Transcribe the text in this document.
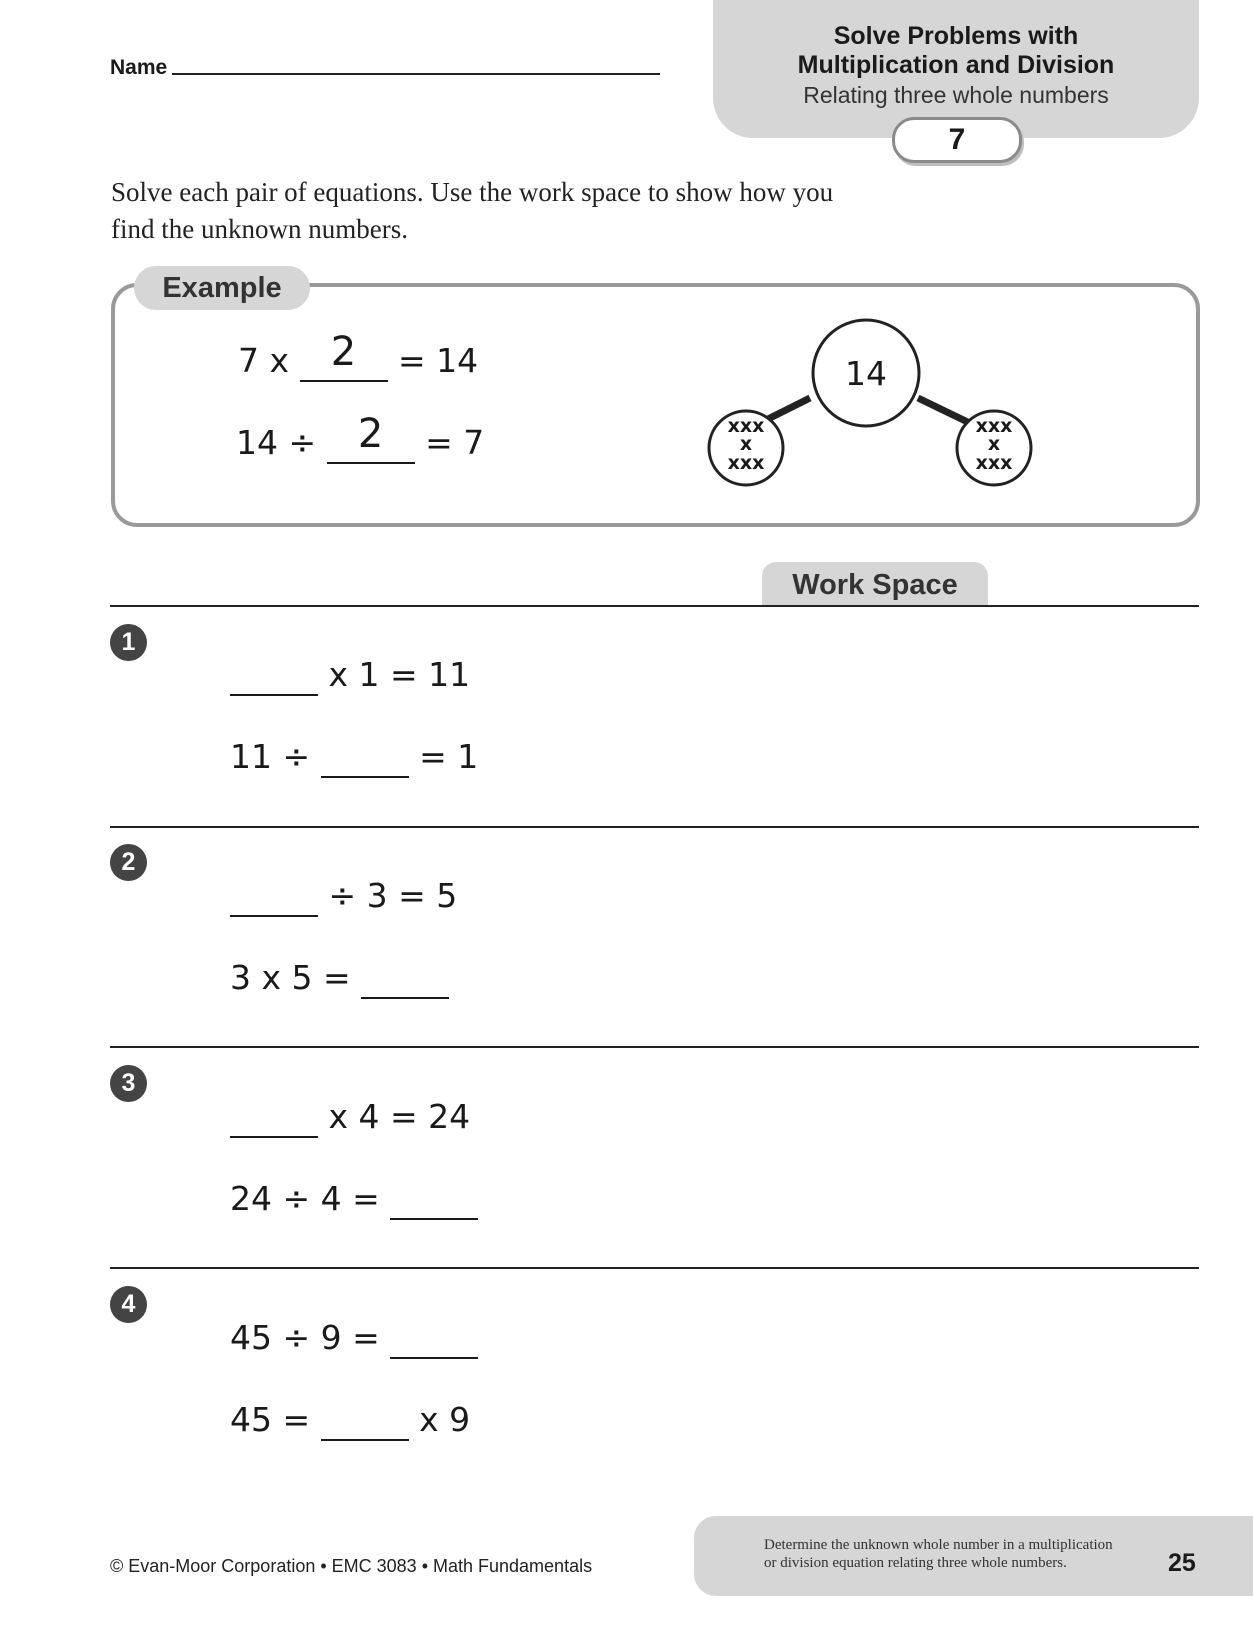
Name
Solve Problems with
Multiplication and Division
Relating three whole numbers
7
Solve each pair of equations. Use the work space to show how you
find the unknown numbers.
Example
7 x	2	= 14
14 ÷	2	= 7
14
xxx
x
xxx
xxx
x
xxx
Work Space
1
x 1 = 11
11 ÷	= 1
2
÷ 3 = 5
3 x 5 =
3
x 4 = 24
24 ÷ 4 =
4
45 ÷ 9 =
45 =	x 9
© Evan-Moor Corporation • EMC 3083 • Math Fundamentals
Determine the unknown whole number in a multiplication
or division equation relating three whole numbers.	25
